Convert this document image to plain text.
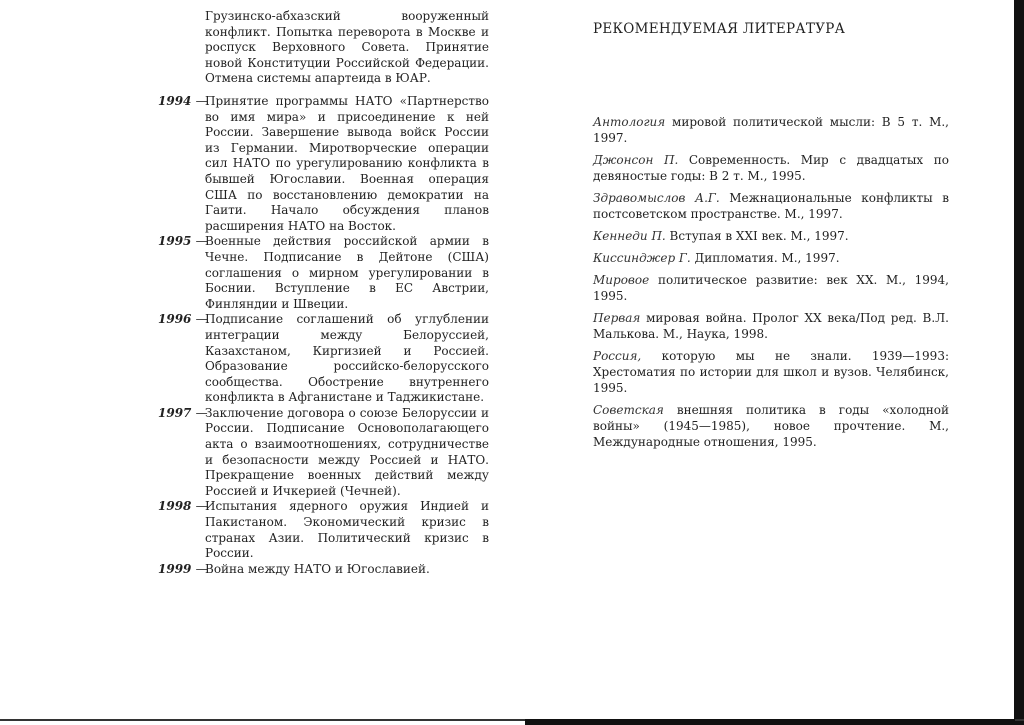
Грузинско-абхазский вооруженный конфликт. Попытка переворота в Москве и роспуск Верховного Совета. Принятие новой Конституции Российской Федерации. Отмена системы апартеида в ЮАР.
1994 —
Принятие программы НАТО «Партнерство во имя мира» и присоединение к ней России. Завершение вывода войск России из Германии. Миротворческие операции сил НАТО по урегулированию конфликта в бывшей Югославии. Военная операция США по восстановлению демократии на Гаити. Начало обсуждения планов расширения НАТО на Восток.
1995 —
Военные действия российской армии в Чечне. Подписание в Дейтоне (США) соглашения о мирном урегулировании в Боснии. Вступление в ЕС Австрии, Финляндии и Швеции.
1996 —
Подписание соглашений об углублении интеграции между Белоруссией, Казахстаном, Киргизией и Россией. Образование российско-белорусского сообщества. Обострение внутреннего конфликта в Афганистане и Таджикистане.
1997 —
Заключение договора о союзе Белоруссии и России. Подписание Основополагающего акта о взаимоотношениях, сотрудничестве и безопасности между Россией и НАТО. Прекращение военных действий между Россией и Ичкерией (Чечней).
1998 —
Испытания ядерного оружия Индией и Пакистаном. Экономический кризис в странах Азии. Политический кризис в России.
1999 —
Война между НАТО и Югославией.
РЕКОМЕНДУЕМАЯ ЛИТЕРАТУРА
Антология мировой политической мысли: В 5 т. М., 1997.
Джонсон П. Современность. Мир с двадцатых по девяностые годы: В 2 т. М., 1995.
Здравомыслов А.Г. Межнациональные конфликты в постсоветском пространстве. М., 1997.
Кеннеди П. Вступая в XXI век. М., 1997.
Киссинджер Г. Дипломатия. М., 1997.
Мировое политическое развитие: век XX. М., 1994, 1995.
Первая мировая война. Пролог XX века/Под ред. В.Л. Малькова. М., Наука, 1998.
Россия, которую мы не знали. 1939—1993: Хрестоматия по истории для школ и вузов. Челябинск, 1995.
Советская внешняя политика в годы «холодной войны» (1945—1985), новое прочтение. М., Международные отношения, 1995.
